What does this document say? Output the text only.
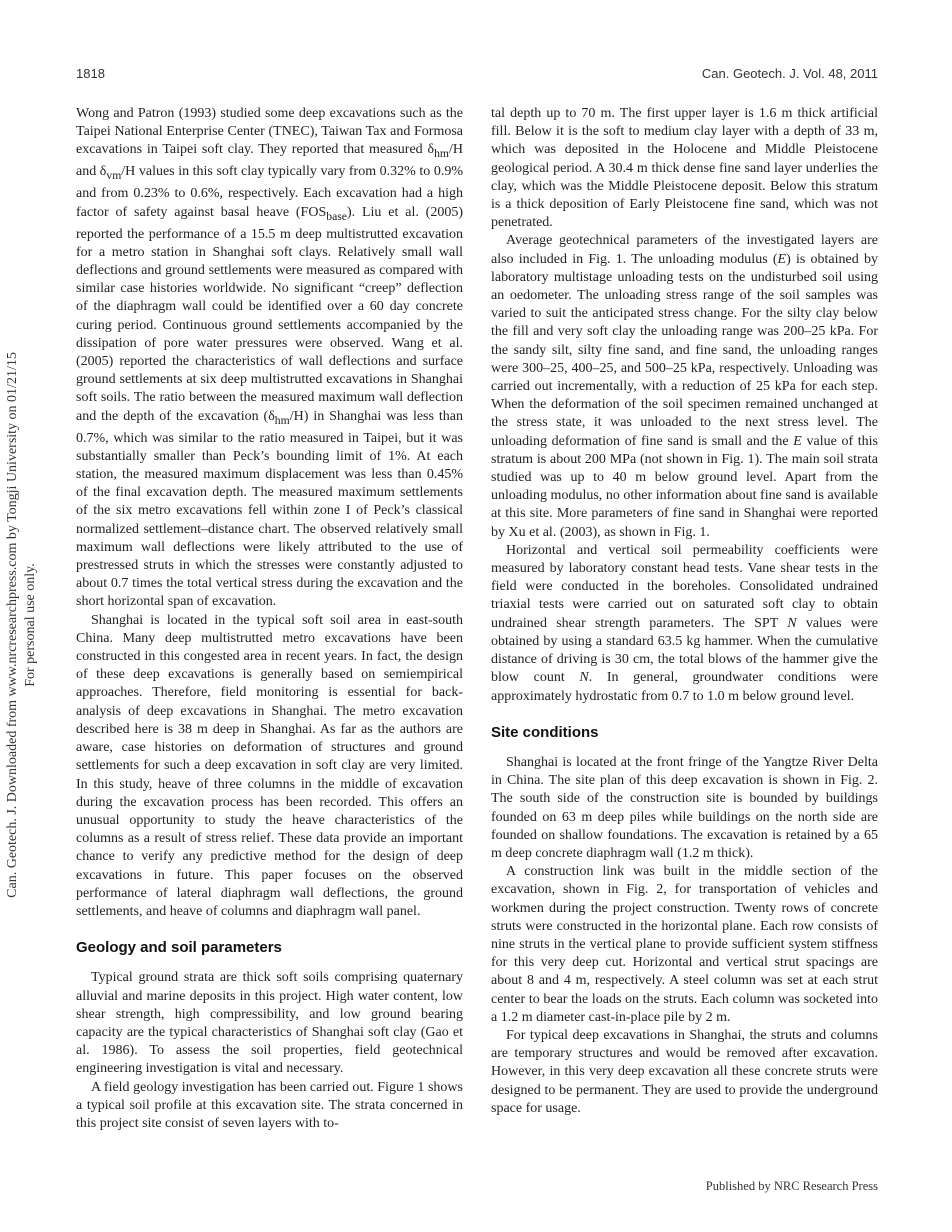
1818	Can. Geotech. J. Vol. 48, 2011
Can. Geotech. J. Downloaded from www.nrcresearchpress.com by Tongji University on 01/21/15 For personal use only.

Wong and Patron (1993) studied some deep excavations such as the Taipei National Enterprise Center (TNEC), Taiwan Tax and Formosa excavations in Taipei soft clay. They reported that measured $\delta_{hm}/H$ and $\delta_{vm}/H$ values in this soft clay typically vary from 0.32% to 0.9% and from 0.23% to 0.6%, respectively. Each excavation had a high factor of safety against basal heave $(FOS_{base})$. Liu et al. (2005) reported the performance of a 15.5 m deep multistrutted excavation for a metro station in Shanghai soft clays. Relatively small wall deflections and ground settlements were measured as compared with similar case histories worldwide. No significant “creep” deflection of the diaphragm wall could be identified over a 60 day concrete curing period. Continuous ground settlements accompanied by the dissipation of pore water pressures were observed. Wang et al. (2005) reported the characteristics of wall deflections and surface ground settlements at six deep multistrutted excavations in Shanghai soft soils. The ratio between the measured maximum wall deflection and the depth of the excavation $(\delta_{hm}/H)$ in Shanghai was less than 0.7%, which was similar to the ratio measured in Taipei, but it was substantially smaller than Peck’s bounding limit of 1%. At each station, the measured maximum displacement was less than 0.45% of the final excavation depth. The measured maximum settlements of the six metro excavations fell within zone I of Peck’s classical normalized settlement–distance chart. The observed relatively small maximum wall deflections were likely attributed to the use of prestressed struts in which the stresses were constantly adjusted to about 0.7 times the total vertical stress during the excavation and the short horizontal span of excavation.

Shanghai is located in the typical soft soil area in east-south China. Many deep multistrutted metro excavations have been constructed in this congested area in recent years. In fact, the design of these deep excavations is generally based on semiempirical approaches. Therefore, field monitoring is essential for back-analysis of deep excavations in Shanghai. The metro excavation described here is 38 m deep in Shanghai. As far as the authors are aware, case histories on deformation of structures and ground settlements for such a deep excavation in soft clay are very limited. In this study, heave of three columns in the middle of excavation during the excavation process has been recorded. This offers an unusual opportunity to study the heave characteristics of the columns as a result of stress relief. These data provide an important chance to verify any predictive method for the design of deep excavations in future. This paper focuses on the observed performance of lateral diaphragm wall deflections, the ground settlements, and heave of columns and diaphragm wall panel.

Geology and soil parameters

Typical ground strata are thick soft soils comprising quaternary alluvial and marine deposits in this project. High water content, low shear strength, high compressibility, and low ground bearing capacity are the typical characteristics of Shanghai soft clay (Gao et al. 1986). To assess the soil properties, field geotechnical engineering investigation is vital and necessary.

A field geology investigation has been carried out. Figure 1 shows a typical soil profile at this excavation site. The strata concerned in this project site consist of seven layers with to-

tal depth up to 70 m. The first upper layer is 1.6 m thick artificial fill. Below it is the soft to medium clay layer with a depth of 33 m, which was deposited in the Holocene and Middle Pleistocene geological period. A 30.4 m thick dense fine sand layer underlies the clay, which was the Middle Pleistocene deposit. Below this stratum is a thick deposition of Early Pleistocene fine sand, which was not penetrated.

Average geotechnical parameters of the investigated layers are also included in Fig. 1. The unloading modulus (E) is obtained by laboratory multistage unloading tests on the undisturbed soil using an oedometer. The unloading stress range of the soil samples was varied to suit the anticipated stress change. For the silty clay below the fill and very soft clay the unloading range was 200–25 kPa. For the sandy silt, silty fine sand, and fine sand, the unloading ranges were 300–25, 400–25, and 500–25 kPa, respectively. Unloading was carried out incrementally, with a reduction of 25 kPa for each step. When the deformation of the soil specimen remained unchanged at the stress state, it was unloaded to the next stress level. The unloading deformation of fine sand is small and the E value of this stratum is about 200 MPa (not shown in Fig. 1). The main soil strata studied was up to 40 m below ground level. Apart from the unloading modulus, no other information about fine sand is available at this site. More parameters of fine sand in Shanghai were reported by Xu et al. (2003), as shown in Fig. 1.

Horizontal and vertical soil permeability coefficients were measured by laboratory constant head tests. Vane shear tests in the field were conducted in the boreholes. Consolidated undrained triaxial tests were carried out on saturated soft clay to obtain undrained shear strength parameters. The SPT N values were obtained by using a standard 63.5 kg hammer. When the cumulative distance of driving is 30 cm, the total blows of the hammer give the blow count N. In general, groundwater conditions were approximately hydrostatic from 0.7 to 1.0 m below ground level.

Site conditions

Shanghai is located at the front fringe of the Yangtze River Delta in China. The site plan of this deep excavation is shown in Fig. 2. The south side of the construction site is bounded by buildings founded on 63 m deep piles while buildings on the north side are founded on shallow foundations. The excavation is retained by a 65 m deep concrete diaphragm wall (1.2 m thick).

A construction link was built in the middle section of the excavation, shown in Fig. 2, for transportation of vehicles and workmen during the project construction. Twenty rows of concrete struts were constructed in the horizontal plane. Each row consists of nine struts in the vertical plane to provide sufficient system stiffness for this very deep cut. Horizontal and vertical strut spacings are about 8 and 4 m, respectively. A steel column was set at each strut center to bear the loads on the struts. Each column was socketed into a 1.2 m diameter cast-in-place pile by 2 m.

For typical deep excavations in Shanghai, the struts and columns are temporary structures and would be removed after excavation. However, in this very deep excavation all these concrete struts were designed to be permanent. They are used to provide the underground space for usage.

Published by NRC Research Press
